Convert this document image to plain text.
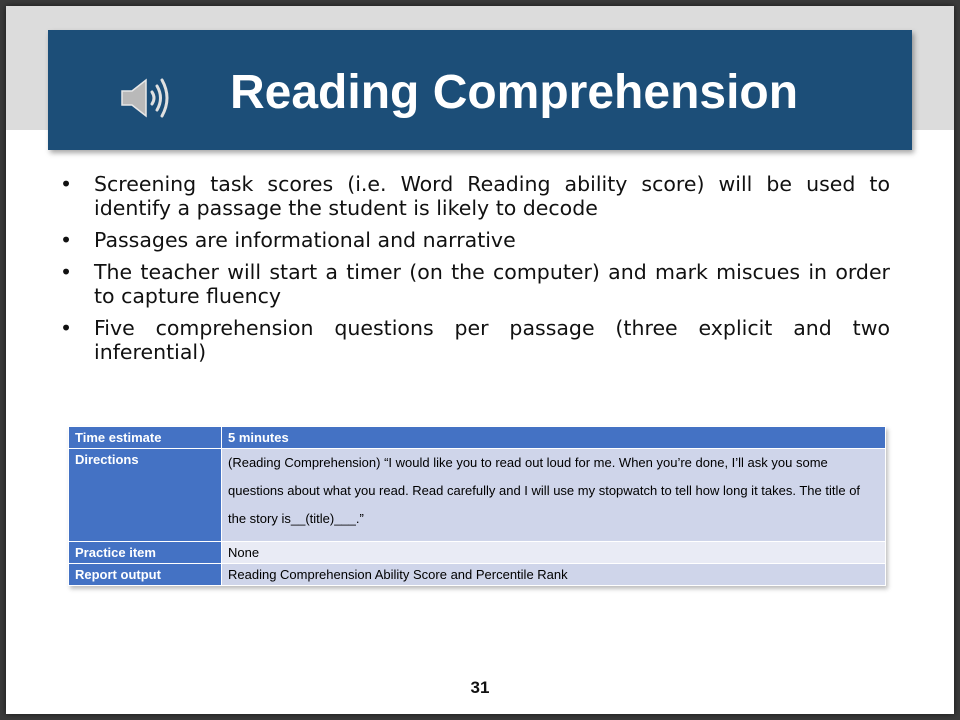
Reading Comprehension
• Screening task scores (i.e. Word Reading ability score) will be used to identify a passage the student is likely to decode
• Passages are informational and narrative
• The teacher will start a timer (on the computer) and mark miscues in order to capture fluency
• Five comprehension questions per passage (three explicit and two inferential)
Time estimate	5 minutes
Directions	(Reading Comprehension) “I would like you to read out loud for me. When you’re done, I’ll ask you some questions about what you read. Read carefully and I will use my stopwatch to tell how long it takes. The title of the story is__(title)___.”
Practice item	None
Report output	Reading Comprehension Ability Score and Percentile Rank
31
